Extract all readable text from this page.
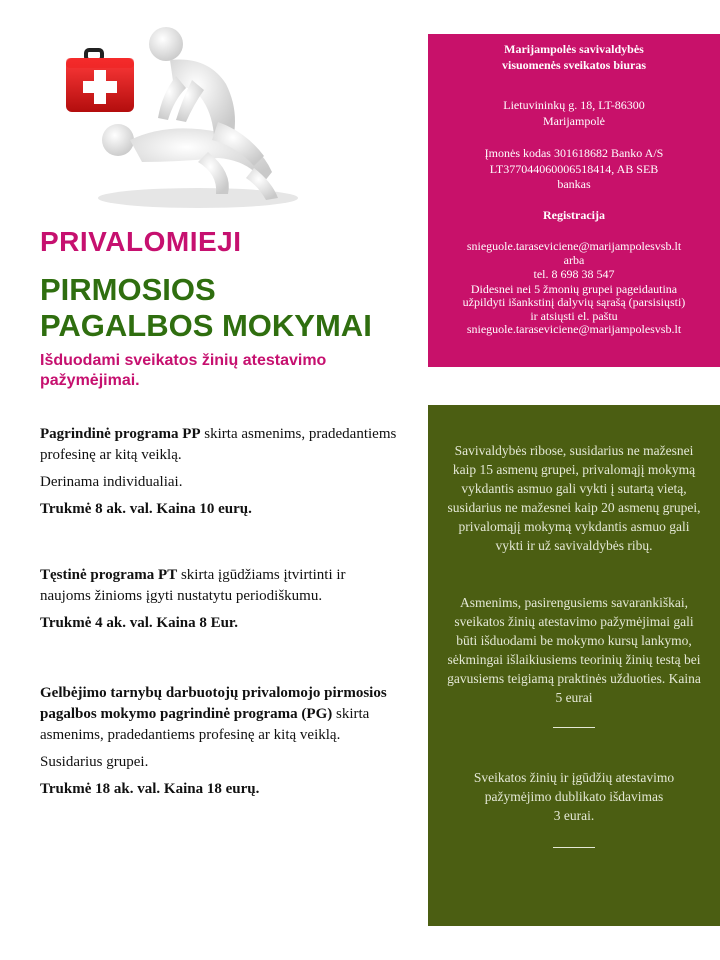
PRIVALOMIEJI
PIRMOSIOS
PAGALBOS MOKYMAI
Išduodami sveikatos žinių atestavimo pažymėjimai.

Pagrindinė programa PP skirta asmenims, pradedantiems profesinę ar kitą veiklą.

Derinama individualiai.

Trukmė 8 ak. val. Kaina 10 eurų.

Tęstinė programa PT skirta įgūdžiams įtvirtinti ir naujoms žinioms įgyti nustatytu periodiškumu.

Trukmė 4 ak. val. Kaina 8 Eur.

Gelbėjimo tarnybų darbuotojų privalomojo pirmosios pagalbos mokymo pagrindinė programa (PG) skirta asmenims, pradedantiems profesinę ar kitą veiklą.

Susidarius grupei.

Trukmė 18 ak. val. Kaina 18 eurų.

Marijampolės savivaldybės
visuomenės sveikatos biuras
Lietuvininkų g. 18, LT-86300
Marijampolė
Įmonės kodas 301618682 Banko A/S
LT377044060006518414, AB SEB
bankas
Registracija
snieguole.taraseviciene@marijampolesvsb.lt
arba
tel. 8 698 38 547
Didesnei nei 5 žmonių grupei pageidautina
užpildyti išankstinį dalyvių sąrašą (parsisiųsti)
ir atsiųsti el. paštu
snieguole.taraseviciene@marijampolesvsb.lt

Savivaldybės ribose, susidarius ne mažesnei kaip 15 asmenų grupei, privalomąjį mokymą vykdantis asmuo gali vykti į sutartą vietą, susidarius ne mažesnei kaip 20 asmenų grupei, privalomąjį mokymą vykdantis asmuo gali vykti ir už savivaldybės ribų.

Asmenims, pasirengusiems savarankiškai, sveikatos žinių atestavimo pažymėjimai gali būti išduodami be mokymo kursų lankymo, sėkmingai išlaikiusiems teorinių žinių testą bei gavusiems teigiamą praktinės užduoties. Kaina 5 eurai

Sveikatos žinių ir įgūdžių atestavimo pažymėjimo dublikato išdavimas
3 eurai.
